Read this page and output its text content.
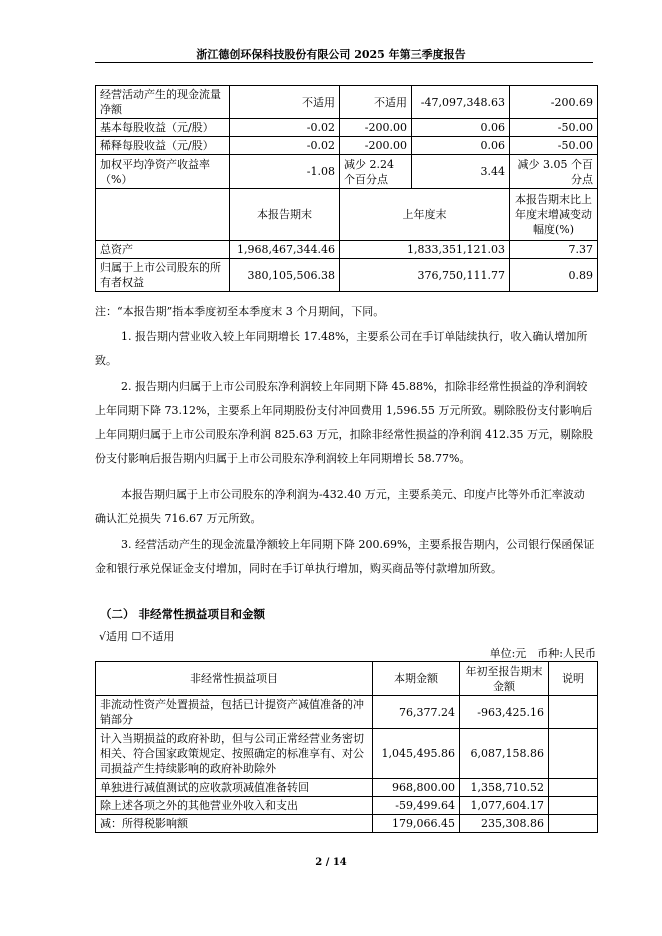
浙江德创环保科技股份有限公司 2025 年第三季度报告
经营活动产生的现金流量净额	不适用	不适用	-47,097,348.63	-200.69
基本每股收益（元/股）	-0.02	-200.00	0.06	-50.00
稀释每股收益（元/股）	-0.02	-200.00	0.06	-50.00
加权平均净资产收益率（%）	-1.08	减少 2.24 个百分点	3.44	减少 3.05 个百分点
	本报告期末	上年度末		本报告期末比上年度末增减变动幅度(%)
总资产	1,968,467,344.46	1,833,351,121.03		7.37
归属于上市公司股东的所有者权益	380,105,506.38	376,750,111.77		0.89
注：“本报告期”指本季度初至本季度末 3 个月期间，下同。
1. 报告期内营业收入较上年同期增长 17.48%，主要系公司在手订单陆续执行，收入确认增加所致。
2. 报告期内归属于上市公司股东净利润较上年同期下降 45.88%，扣除非经常性损益的净利润较上年同期下降 73.12%，主要系上年同期股份支付冲回费用 1,596.55 万元所致。剔除股份支付影响后上年同期归属于上市公司股东净利润 825.63 万元，扣除非经常性损益的净利润 412.35 万元，剔除股份支付影响后报告期内归属于上市公司股东净利润较上年同期增长 58.77%。
本报告期归属于上市公司股东的净利润为-432.40 万元，主要系美元、印度卢比等外币汇率波动确认汇兑损失 716.67 万元所致。
3. 经营活动产生的现金流量净额较上年同期下降 200.69%，主要系报告期内，公司银行保函保证金和银行承兑保证金支付增加，同时在手订单执行增加，购买商品等付款增加所致。
（二） 非经常性损益项目和金额
√适用 ☐不适用
单位:元　币种:人民币
非经常性损益项目	本期金额	年初至报告期末金额	说明
非流动性资产处置损益，包括已计提资产减值准备的冲销部分	76,377.24	-963,425.16	
计入当期损益的政府补助，但与公司正常经营业务密切相关、符合国家政策规定、按照确定的标准享有、对公司损益产生持续影响的政府补助除外	1,045,495.86	6,087,158.86	
单独进行减值测试的应收款项减值准备转回	968,800.00	1,358,710.52	
除上述各项之外的其他营业外收入和支出	-59,499.64	1,077,604.17	
减：所得税影响额	179,066.45	235,308.86	
2 / 14
